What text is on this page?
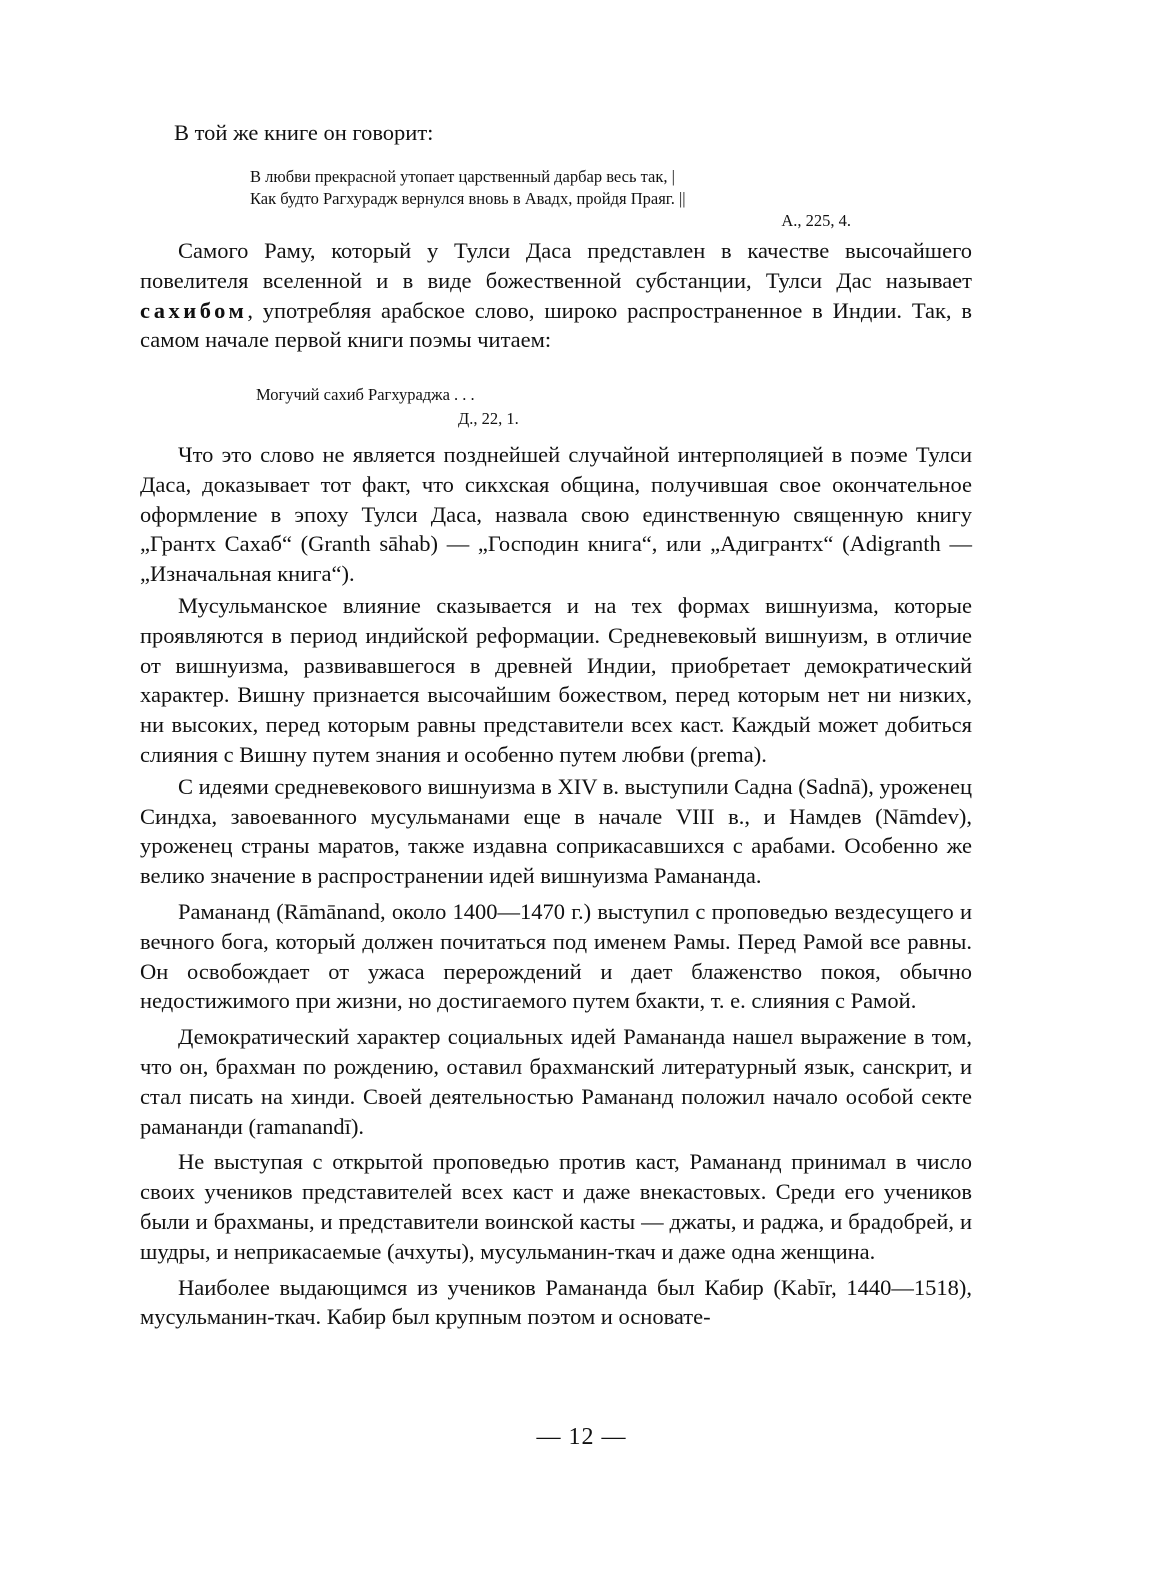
В той же книге он говорит:

В любви прекрасной утопает царственный дарбар весь так, |
Как будто Рагхурадж вернулся вновь в Авадх, пройдя Праяг. ||
А., 225, 4.

Самого Раму, который у Тулси Даса представлен в качестве высочайшего повелителя вселенной и в виде божественной субстанции, Тулси Дас называет сахибом, употребляя арабское слово, широко распространенное в Индии. Так, в самом начале первой книги поэмы читаем:

Могучий сахиб Рагхураджа . . .
Д., 22, 1.

Что это слово не является позднейшей случайной интерполяцией в поэме Тулси Даса, доказывает тот факт, что сикхская община, получившая свое окончательное оформление в эпоху Тулси Даса, назвала свою единственную священную книгу „Грантх Сахаб“ (Granth sāhab) — „Господин книга“, или „Адигрантх“ (Adigranth — „Изначальная книга“).

Мусульманское влияние сказывается и на тех формах вишнуизма, которые проявляются в период индийской реформации. Средневековый вишнуизм, в отличие от вишнуизма, развивавшегося в древней Индии, приобретает демократический характер. Вишну признается высочайшим божеством, перед которым нет ни низких, ни высоких, перед которым равны представители всех каст. Каждый может добиться слияния с Вишну путем знания и особенно путем любви (prema).

С идеями средневекового вишнуизма в XIV в. выступили Садна (Sadnā), уроженец Синдха, завоеванного мусульманами еще в начале VIII в., и Намдев (Nāmdev), уроженец страны маратов, также издавна соприкасавшихся с арабами. Особенно же велико значение в распространении идей вишнуизма Рамананда.

Рамананд (Rāmānand, около 1400—1470 г.) выступил с проповедью вездесущего и вечного бога, который должен почитаться под именем Рамы. Перед Рамой все равны. Он освобождает от ужаса перерождений и дает блаженство покоя, обычно недостижимого при жизни, но достигаемого путем бхакти, т. е. слияния с Рамой.

Демократический характер социальных идей Рамананда нашел выражение в том, что он, брахман по рождению, оставил брахманский литературный язык, санскрит, и стал писать на хинди. Своей деятельностью Рамананд положил начало особой секте рамананди (ramanandī).

Не выступая с открытой проповедью против каст, Рамананд принимал в число своих учеников представителей всех каст и даже внекастовых. Среди его учеников были и брахманы, и представители воинской касты — джаты, и раджа, и брадобрей, и шудры, и неприкасаемые (ачхуты), мусульманин-ткач и даже одна женщина.

Наиболее выдающимся из учеников Рамананда был Кабир (Kabīr, 1440—1518), мусульманин-ткач. Кабир был крупным поэтом и основате-

— 12 —
